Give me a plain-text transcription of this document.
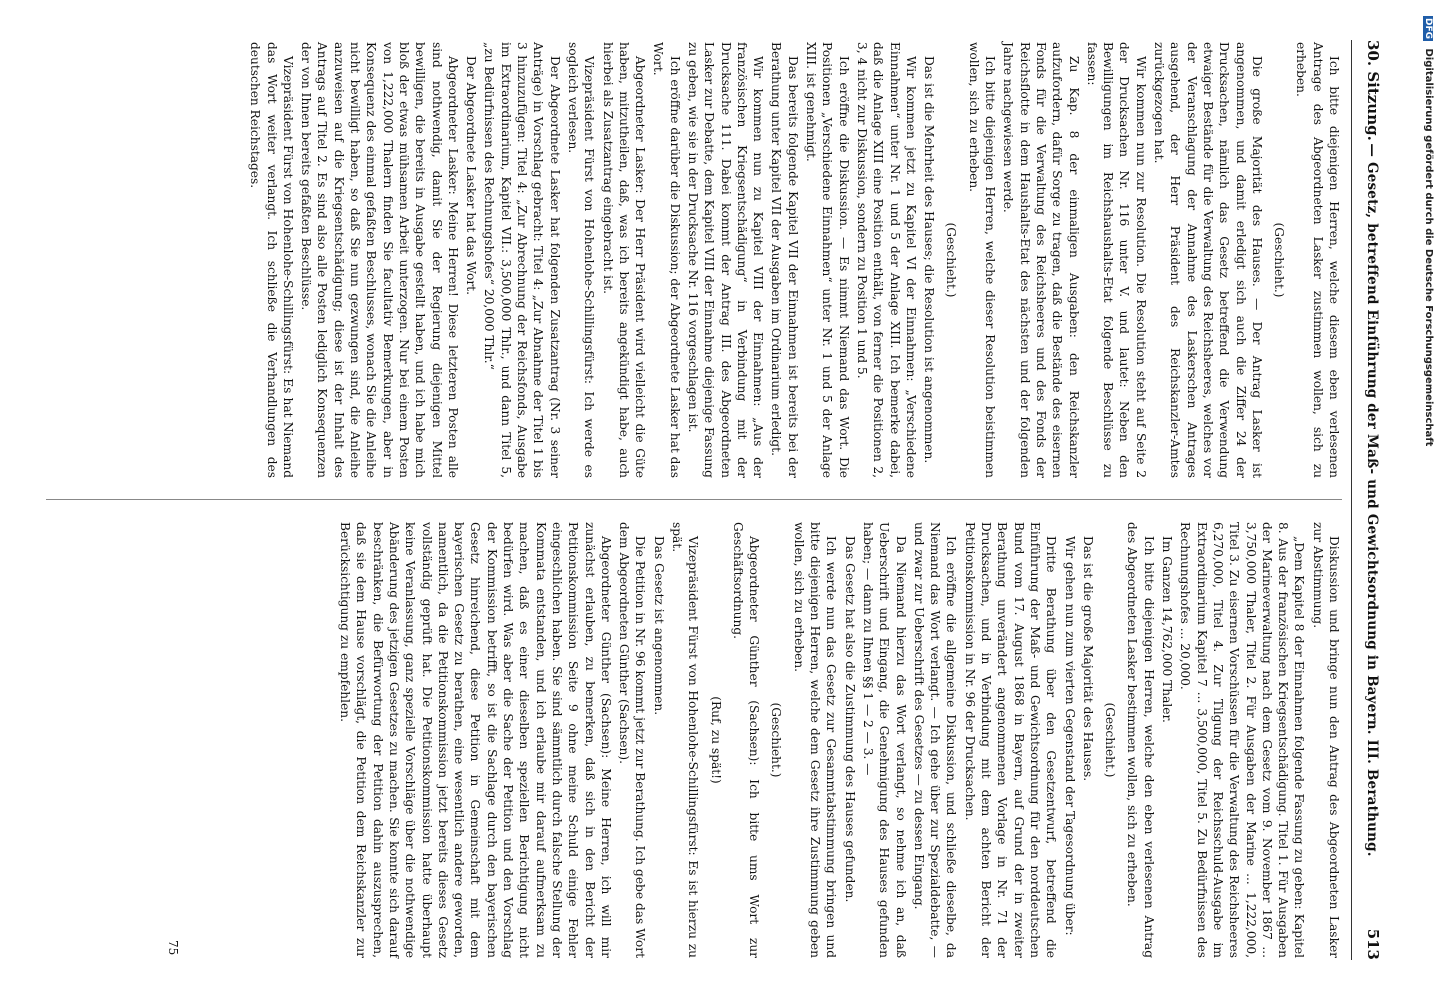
30. Sitzung.
— Gesetz, betreffend Einführung der Maß- und Gewichtsordnung in Bayern. III. Berathung.
513

Ich bitte diejenigen Herren, welche diesem eben verlesenen Antrage des Abgeordneten Lasker zustimmen wollen, sich zu erheben.

(Geschieht.)

Die große Majorität des Hauses. — Der Antrag Lasker ist angenommen, und damit erledigt sich auch die Ziffer 24 der Drucksachen, nämlich das Gesetz betreffend die Verwendung etwaiger Bestände für die Verwaltung des Reichsheeres, welches vor der Veranschlagung der Annahme des Laskerschen Antrages ausgehend, der Herr Präsident des Reichskanzler-Amtes zurückgezogen hat.

Wir kommen nun zur Resolution. Die Resolution steht auf Seite 2 der Drucksachen Nr. 116 unter V. und lautet: Neben den Bewilligungen im Reichshaushalts-Etat folgende Beschlüsse zu fassen:

Zu Kap. 8 der einmaligen Ausgaben: den Reichskanzler aufzufordern, dafür Sorge zu tragen, daß die Bestände des eisernen Fonds für die Verwaltung des Reichsheeres und des Fonds der Reichsflotte in dem Haushalts-Etat des nächsten und der folgenden Jahre nachgewiesen werde.

Ich bitte diejenigen Herren, welche dieser Resolution beistimmen wollen, sich zu erheben.

(Geschieht.)

Das ist die Mehrheit des Hauses; die Resolution ist angenommen.

Wir kommen jetzt zu Kapitel VI der Einnahmen: „Verschiedene Einnahmen“ unter Nr. 1 und 5 der Anlage XIII. Ich bemerke dabei, daß die Anlage XIII eine Position enthält, von ferner die Positionen 2, 3, 4 nicht zur Diskussion, sondern zu Position 1 und 5.

Ich eröffne die Diskussion. — Es nimmt Niemand das Wort. Die Positionen „Verschiedene Einnahmen“ unter Nr. 1 und 5 der Anlage XIII. ist genehmigt.

Das bereits folgende Kapitel VII der Einnahmen ist bereits bei der Berathung unter Kapitel VII der Ausgaben im Ordinarium erledigt.

Wir kommen nun zu Kapitel VIII der Einnahmen: „Aus der französischen Kriegsentschädigung“ in Verbindung mit der Drucksache 111. Dabei kommt der Antrag III. des Abgeordneten Lasker zur Debatte, dem Kapitel VIII der Einnahme diejenige Fassung zu geben, wie sie in der Drucksache Nr. 116 vorgeschlagen ist.

Ich eröffne darüber die Diskussion; der Abgeordnete Lasker hat das Wort.

Abgeordneter Lasker: Der Herr Präsident wird vielleicht die Güte haben, mitzutheilen, daß, was ich bereits angekündigt habe, auch hierbei als Zusatzantrag eingebracht ist.

Vizepräsident Fürst von Hohenlohe-Schillingsfürst: Ich werde es sogleich verlesen.

Der Abgeordnete Lasker hat folgenden Zusatzantrag (Nr. 3 seiner Anträge) in Vorschlag gebracht: Titel 4: „Zur Abnahme der Titel 1 bis 3 hinzuzufügen: Titel 4: „Zur Abrechnung der Reichsfonds, Ausgabe im Extraordinarium, Kapitel VII.: 3,500,000 Thlr., und dann Titel 5, „zu Bedürfnissen des Rechnungshofes“ 20,000 Thlr.“

Der Abgeordnete Lasker hat das Wort.

Abgeordneter Lasker: Meine Herren! Diese letzteren Posten alle sind nothwendig, damit Sie der Regierung diejenigen Mittel bewilligen, die bereits in Ausgabe gestellt haben, und ich habe mich bloß der etwas mühsamen Arbeit unterzogen. Nur bei einem Posten von 1,222,000 Thalern finden Sie facultativ Bemerkungen, aber in Konsequenz des einmal gefaßten Beschlusses, wonach Sie die Anleihe nicht bewilligt haben, so daß Sie nun gezwungen sind, die Anleihe anzuweisen auf die Kriegsentschädigung; diese ist der Inhalt des Antrags auf Titel 2. Es sind also alle Posten lediglich Konsequenzen der von Ihnen bereits gefaßten Beschlüsse.

Vizepräsident Fürst von Hohenlohe-Schillingsfürst: Es hat Niemand das Wort weiter verlangt. Ich schließe die Verhandlungen des deutschen Reichstages.

Diskussion und bringe nun den Antrag des Abgeordneten Lasker zur Abstimmung.

„Dem Kapitel 8 der Einnahmen folgende Fassung zu geben: Kapitel 8. Aus der französischen Kriegsentschädigung. Titel 1. Für Ausgaben der Marineverwaltung nach dem Gesetz vom 9. November 1867 ... 3,750,000 Thaler, Titel 2. Für Ausgaben der Marine ... 1,222,000, Titel 3. Zu eisernen Vorschüssen für die Verwaltung des Reichsheeres 6,270,000, Titel 4. Zur Tilgung der Reichsschuld-Ausgabe im Extraordinarium Kapitel 7 ... 3,500,000, Titel 5. Zu Bedürfnissen des Rechnungshofes ... 20,000.

Im Ganzen 14,762,000 Thaler.

Ich bitte diejenigen Herren, welche den eben verlesenen Antrag des Abgeordneten Lasker bestimmen wollen, sich zu erheben.

(Geschieht.)

Das ist die große Majorität des Hauses.

Wir gehen nun zum vierten Gegenstand der Tagesordnung über:

Dritte Berathung über den Gesetzentwurf, betreffend die Einführung der Maß- und Gewichtsordnung für den norddeutschen Bund vom 17. August 1868 in Bayern, auf Grund der in zweiter Berathung unverändert angenommenen Vorlage in Nr. 71 der Drucksachen, und in Verbindung mit dem achten Bericht der Petitionskommission in Nr. 96 der Drucksachen.

Ich eröffne die allgemeine Diskussion, und schließe dieselbe, da Niemand das Wort verlangt. — Ich gehe über zur Spezialdebatte, — und zwar zur Ueberschrift des Gesetzes — zu dessen Eingang.

Da Niemand hierzu das Wort verlangt, so nehme ich an, daß Ueberschrift und Eingang, die Genehmigung des Hauses gefunden haben; — dann zu Ihnen §§ 1 — 2 — 3. —

Das Gesetz hat also die Zustimmung des Hauses gefunden.

Ich werde nun das Gesetz zur Gesammtabstimmung bringen und bitte diejenigen Herren, welche dem Gesetz ihre Zustimmung geben wollen, sich zu erheben.

(Geschieht.)

Abgeordneter Günther (Sachsen): Ich bitte ums Wort zur Geschäftsordnung.

(Ruf, zu spät!)

Vizepräsident Fürst von Hohenlohe-Schillingsfürst: Es ist hierzu zu spät.

Das Gesetz ist angenommen.

Die Petition in Nr. 96 kommt jetzt zur Berathung. Ich gebe das Wort dem Abgeordneten Günther (Sachsen).

Abgeordneter Günther (Sachsen): Meine Herren, ich will mir zunächst erlauben, zu bemerken, daß sich in den Bericht der Petitionskommission Seite 9 ohne meine Schuld einige Fehler eingeschlichen haben. Sie sind sämmtlich durch falsche Stellung der Kommata entstanden, und ich erlaube mir darauf aufmerksam zu machen, daß es einer dieselben speziellen Berichtigung nicht bedürfen wird. Was aber die Sache der Petition und den Vorschlag der Kommission betrifft, so ist die Sachlage durch den bayerischen Gesetz hinreichend, diese Petition in Gemeinschaft mit dem bayerischen Gesetz zu berathen, eine wesentlich andere geworden, namentlich, da die Petitionskommission jetzt bereits dieses Gesetz vollständig geprüft hat. Die Petitionskommission hatte überhaupt keine Veranlassung, ganz spezielle Vorschläge über die nothwendige Abänderung des jetzigen Gesetzes zu machen. Sie konnte sich darauf beschränken, die Befürwortung der Petition dahin auszusprechen, daß sie dem Hause vorschlägt, die Petition dem Reichskanzler zur Berücksichtigung zu empfehlen.

75
DFG Digitalisierung gefördert durch die Deutsche Forschungsgemeinschaft
